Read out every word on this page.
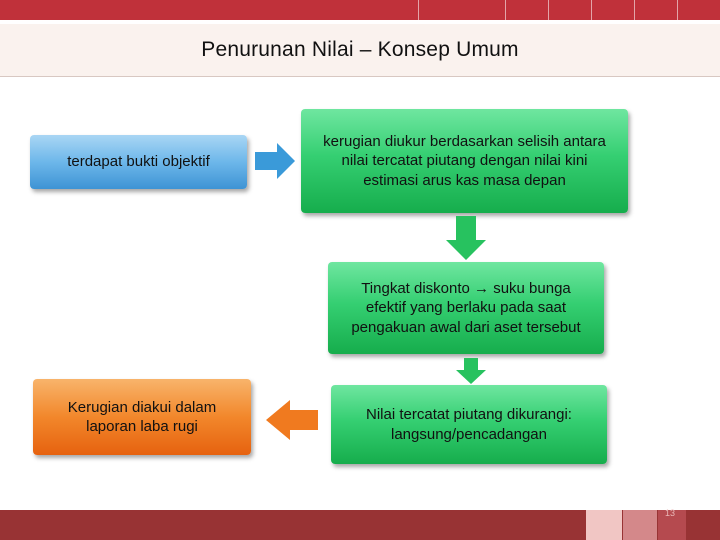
Penurunan Nilai – Konsep Umum
terdapat bukti objektif
kerugian diukur berdasarkan selisih antara nilai tercatat piutang dengan nilai kini estimasi arus kas masa depan
Tingkat diskonto → suku bunga efektif yang berlaku pada saat pengakuan awal dari aset tersebut
Nilai tercatat piutang dikurangi: langsung/pencadangan
Kerugian diakui dalam laporan laba rugi
13
